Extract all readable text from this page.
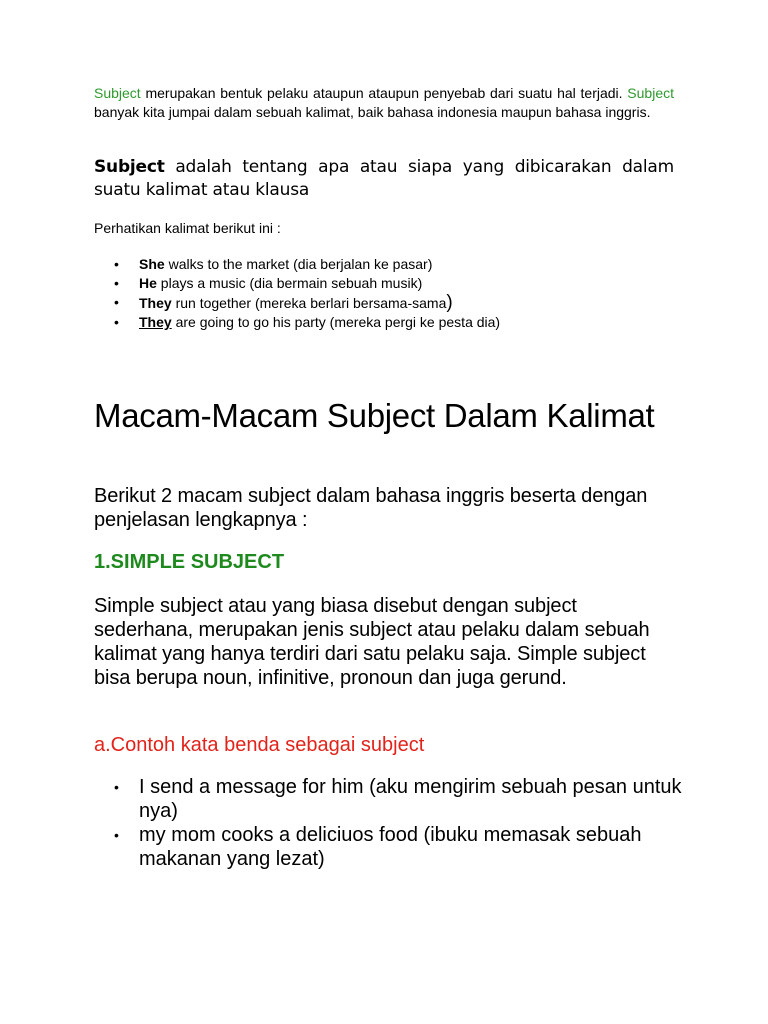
Subject merupakan bentuk pelaku ataupun ataupun penyebab dari suatu hal terjadi. Subject banyak kita jumpai dalam sebuah kalimat, baik bahasa indonesia maupun bahasa inggris.

Subject adalah tentang apa atau siapa yang dibicarakan dalam suatu kalimat atau klausa

Perhatikan kalimat berikut ini :

• She walks to the market (dia berjalan ke pasar)
• He plays a music (dia bermain sebuah musik)
• They run together (mereka berlari bersama-sama)
• They are going to go his party (mereka pergi ke pesta dia)
Macam-Macam Subject Dalam Kalimat

Berikut 2 macam subject dalam bahasa inggris beserta dengan penjelasan lengkapnya :

1.SIMPLE SUBJECT

Simple subject atau yang biasa disebut dengan subject sederhana, merupakan jenis subject atau pelaku dalam sebuah kalimat yang hanya terdiri dari satu pelaku saja. Simple subject bisa berupa noun, infinitive, pronoun dan juga gerund.

a.Contoh kata benda sebagai subject

• I send a message for him (aku mengirim sebuah pesan untuk nya)
• my mom cooks a deliciuos food (ibuku memasak sebuah makanan yang lezat)
